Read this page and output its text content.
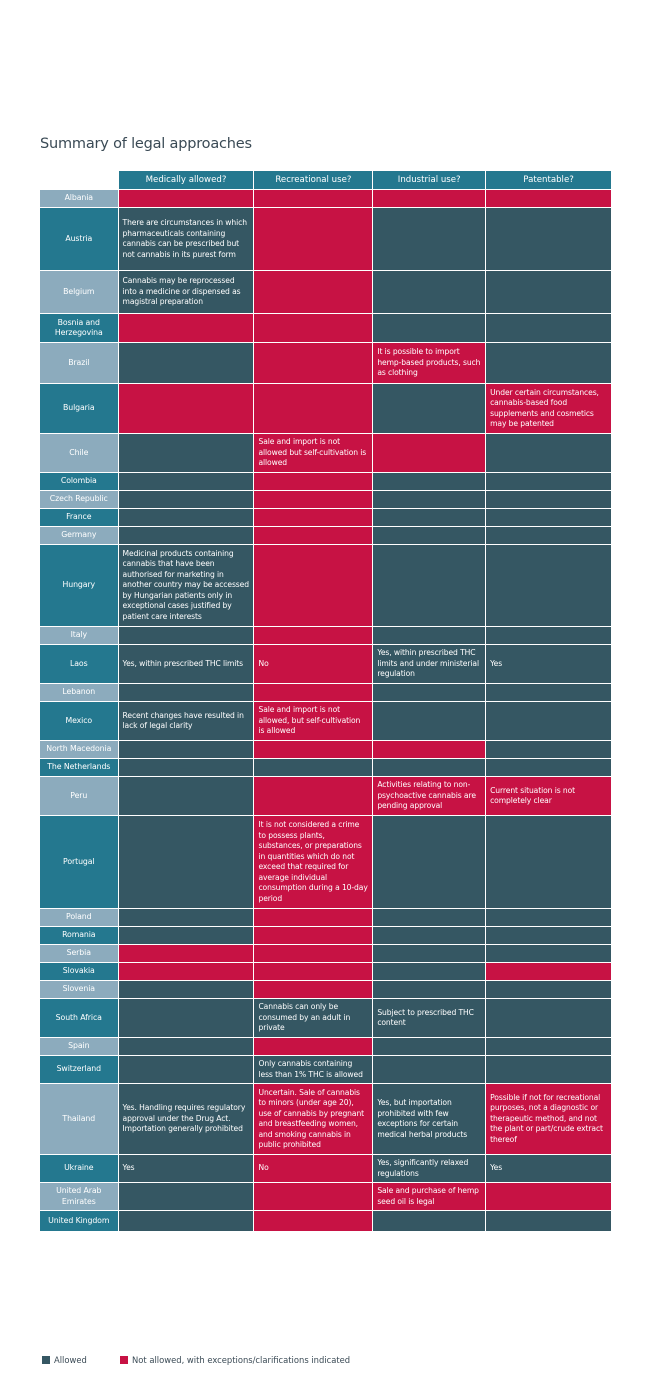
Summary of legal approaches
	Medically allowed?	Recreational use?	Industrial use?	Patentable?
Albania				
Austria	There are circumstances in which pharmaceuticals containing cannabis can be prescribed but not cannabis in its purest form			
Belgium	Cannabis may be reprocessed into a medicine or dispensed as magistral preparation			
Bosnia and Herzegovina				
Brazil			It is possible to import hemp-based products, such as clothing	
Bulgaria				Under certain circumstances, cannabis-based food supplements and cosmetics may be patented
Chile		Sale and import is not allowed but self-cultivation is allowed		
Colombia				
Czech Republic				
France				
Germany				
Hungary	Medicinal products containing cannabis that have been authorised for marketing in another country may be accessed by Hungarian patients only in exceptional cases justified by patient care interests			
Italy				
Laos	Yes, within prescribed THC limits	No	Yes, within prescribed THC limits and under ministerial regulation	Yes
Lebanon				
Mexico	Recent changes have resulted in lack of legal clarity	Sale and import is not allowed, but self-cultivation is allowed		
North Macedonia				
The Netherlands				
Peru			Activities relating to non-psychoactive cannabis are pending approval	Current situation is not completely clear
Portugal		It is not considered a crime to possess plants, substances, or preparations in quantities which do not exceed that required for average individual consumption during a 10-day period		
Poland				
Romania				
Serbia				
Slovakia				
Slovenia				
South Africa		Cannabis can only be consumed by an adult in private	Subject to prescribed THC content	
Spain				
Switzerland		Only cannabis containing less than 1% THC is allowed		
Thailand	Yes. Handling requires regulatory approval under the Drug Act. Importation generally prohibited	Uncertain. Sale of cannabis to minors (under age 20), use of cannabis by pregnant and breastfeeding women, and smoking cannabis in public prohibited	Yes, but importation prohibited with few exceptions for certain medical herbal products	Possible if not for recreational purposes, not a diagnostic or therapeutic method, and not the plant or part/crude extract thereof
Ukraine	Yes	No	Yes, significantly relaxed regulations	Yes
United Arab Emirates			Sale and purchase of hemp seed oil is legal	
United Kingdom				
Allowed	Not allowed, with exceptions/clarifications indicated
